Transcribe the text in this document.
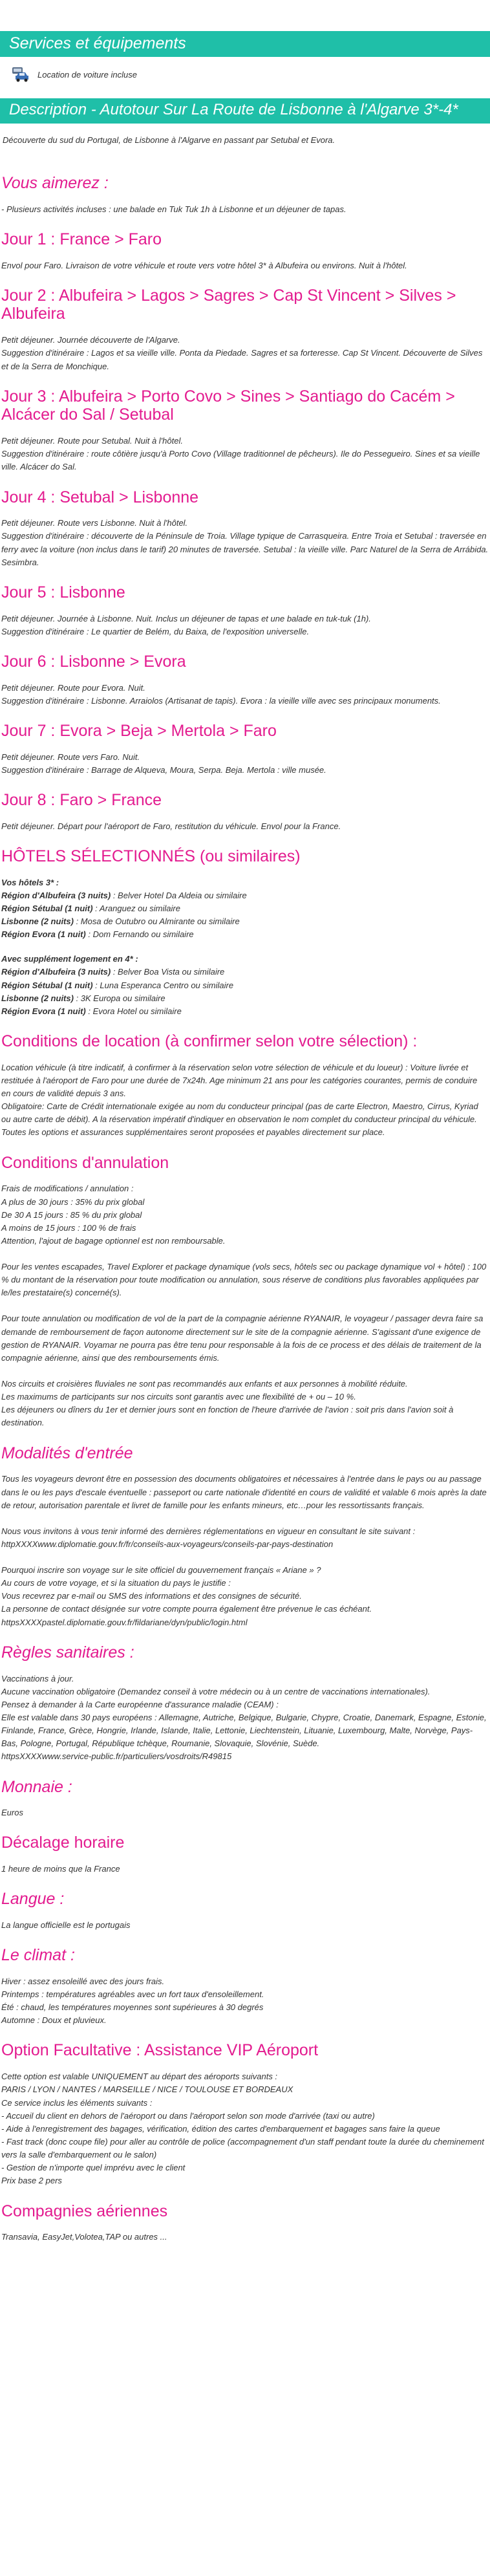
Services et équipements
Location de voiture incluse
Description - Autotour Sur La Route de Lisbonne à l'Algarve 3*-4*
Découverte du sud du Portugal, de Lisbonne à l'Algarve en passant par Setubal et Evora.
Vous aimerez :
- Plusieurs activités incluses : une balade en Tuk Tuk 1h à Lisbonne et un déjeuner de tapas.
Jour 1 : France > Faro
Envol pour Faro. Livraison de votre véhicule et route vers votre hôtel 3* à Albufeira ou environs. Nuit à l'hôtel.
Jour 2 : Albufeira > Lagos > Sagres > Cap St Vincent > Silves > Albufeira
Petit déjeuner. Journée découverte de l'Algarve.
Suggestion d'itinéraire : Lagos et sa vieille ville. Ponta da Piedade. Sagres et sa forteresse. Cap St Vincent. Découverte de Silves et de la Serra de Monchique.
Jour 3 : Albufeira > Porto Covo > Sines > Santiago do Cacém > Alcácer do Sal / Setubal
Petit déjeuner. Route pour Setubal. Nuit à l'hôtel.
Suggestion d'itinéraire : route côtière jusqu'à Porto Covo (Village traditionnel de pêcheurs). Ile do Pessegueiro. Sines et sa vieille ville. Alcácer do Sal.
Jour 4 : Setubal > Lisbonne
Petit déjeuner. Route vers Lisbonne. Nuit à l'hôtel.
Suggestion d'itinéraire : découverte de la Péninsule de Troia. Village typique de Carrasqueira. Entre Troia et Setubal : traversée en ferry avec la voiture (non inclus dans le tarif) 20 minutes de traversée. Setubal : la vieille ville. Parc Naturel de la Serra de Arrábida. Sesimbra.
Jour 5 : Lisbonne
Petit déjeuner. Journée à Lisbonne. Nuit. Inclus un déjeuner de tapas et une balade en tuk-tuk (1h).
Suggestion d'itinéraire : Le quartier de Belém, du Baixa, de l'exposition universelle.
Jour 6 : Lisbonne > Evora
Petit déjeuner. Route pour Evora. Nuit.
Suggestion d'itinéraire : Lisbonne. Arraiolos (Artisanat de tapis). Evora : la vieille ville avec ses principaux monuments.
Jour 7 : Evora > Beja > Mertola > Faro
Petit déjeuner. Route vers Faro. Nuit.
Suggestion d'itinéraire : Barrage de Alqueva, Moura, Serpa. Beja. Mertola : ville musée.
Jour 8 : Faro > France
Petit déjeuner. Départ pour l'aéroport de Faro, restitution du véhicule. Envol pour la France.
HÔTELS SÉLECTIONNÉS (ou similaires)
Vos hôtels 3* :
Région d'Albufeira (3 nuits) : Belver Hotel Da Aldeia ou similaire
Région Sétubal (1 nuit) : Aranguez ou similaire
Lisbonne (2 nuits) : Mosa de Outubro ou Almirante ou similaire
Région Evora (1 nuit) : Dom Fernando ou similaire
Avec supplément logement en 4* :
Région d'Albufeira (3 nuits) : Belver Boa Vista ou similaire
Région Sétubal (1 nuit) : Luna Esperanca Centro ou similaire
Lisbonne (2 nuits) : 3K Europa ou similaire
Région Evora (1 nuit) : Evora Hotel ou similaire
Conditions de location (à confirmer selon votre sélection) :
Location véhicule (à titre indicatif, à confirmer à la réservation selon votre sélection de véhicule et du loueur) : Voiture livrée et restituée à l'aéroport de Faro pour une durée de 7x24h. Age minimum 21 ans pour les catégories courantes, permis de conduire en cours de validité depuis 3 ans.
Obligatoire: Carte de Crédit internationale exigée au nom du conducteur principal (pas de carte Electron, Maestro, Cirrus, Kyriad ou autre carte de débit). A la réservation impératif d'indiquer en observation le nom complet du conducteur principal du véhicule.
Toutes les options et assurances supplémentaires seront proposées et payables directement sur place.
Conditions d'annulation
Frais de modifications / annulation :
A plus de 30 jours : 35% du prix global
De 30 A 15 jours : 85 % du prix global
A moins de 15 jours : 100 % de frais
Attention, l'ajout de bagage optionnel est non remboursable.
Pour les ventes escapades, Travel Explorer et package dynamique (vols secs, hôtels sec ou package dynamique vol + hôtel) : 100 % du montant de la réservation pour toute modification ou annulation, sous réserve de conditions plus favorables appliquées par le/les prestataire(s) concerné(s).
Pour toute annulation ou modification de vol de la part de la compagnie aérienne RYANAIR, le voyageur / passager devra faire sa demande de remboursement de façon autonome directement sur le site de la compagnie aérienne. S'agissant d'une exigence de gestion de RYANAIR. Voyamar ne pourra pas être tenu pour responsable à la fois de ce process et des délais de traitement de la compagnie aérienne, ainsi que des remboursements émis.
Nos circuits et croisières fluviales ne sont pas recommandés aux enfants et aux personnes à mobilité réduite.
Les maximums de participants sur nos circuits sont garantis avec une flexibilité de + ou – 10 %.
Les déjeuners ou dîners du 1er et dernier jours sont en fonction de l'heure d'arrivée de l'avion : soit pris dans l'avion soit à destination.
Modalités d'entrée
Tous les voyageurs devront être en possession des documents obligatoires et nécessaires à l'entrée dans le pays ou au passage dans le ou les pays d'escale éventuelle : passeport ou carte nationale d'identité en cours de validité et valable 6 mois après la date de retour, autorisation parentale et livret de famille pour les enfants mineurs, etc…pour les ressortissants français.
Nous vous invitons à vous tenir informé des dernières réglementations en vigueur en consultant le site suivant : httpXXXXwww.diplomatie.gouv.fr/fr/conseils-aux-voyageurs/conseils-par-pays-destination
Pourquoi inscrire son voyage sur le site officiel du gouvernement français « Ariane » ?
Au cours de votre voyage, et si la situation du pays le justifie :
Vous recevrez par e-mail ou SMS des informations et des consignes de sécurité.
La personne de contact désignée sur votre compte pourra également être prévenue le cas échéant.
httpsXXXXpastel.diplomatie.gouv.fr/fildariane/dyn/public/login.html
Règles sanitaires :
Vaccinations à jour.
Aucune vaccination obligatoire (Demandez conseil à votre médecin ou à un centre de vaccinations internationales).
Pensez à demander à la Carte européenne d'assurance maladie (CEAM) :
Elle est valable dans 30 pays européens : Allemagne, Autriche, Belgique, Bulgarie, Chypre, Croatie, Danemark, Espagne, Estonie, Finlande, France, Grèce, Hongrie, Irlande, Islande, Italie, Lettonie, Liechtenstein, Lituanie, Luxembourg, Malte, Norvège, Pays-Bas, Pologne, Portugal, République tchèque, Roumanie, Slovaquie, Slovénie, Suède.
httpsXXXXwww.service-public.fr/particuliers/vosdroits/R49815
Monnaie :
Euros
Décalage horaire
1 heure de moins que la France
Langue :
La langue officielle est le portugais
Le climat :
Hiver : assez ensoleillé avec des jours frais.
Printemps : températures agréables avec un fort taux d'ensoleillement.
Été : chaud, les températures moyennes sont supérieures à 30 degrés
Automne : Doux et pluvieux.
Option Facultative : Assistance VIP Aéroport
Cette option est valable UNIQUEMENT au départ des aéroports suivants :
PARIS / LYON / NANTES / MARSEILLE / NICE / TOULOUSE ET BORDEAUX
Ce service inclus les éléments suivants :
- Accueil du client en dehors de l'aéroport ou dans l'aéroport selon son mode d'arrivée (taxi ou autre)
- Aide à l'enregistrement des bagages, vérification, édition des cartes d'embarquement et bagages sans faire la queue
- Fast track (donc coupe file) pour aller au contrôle de police (accompagnement d'un staff pendant toute la durée du cheminement vers la salle d'embarquement ou le salon)
- Gestion de n'importe quel imprévu avec le client
Prix base 2 pers
Compagnies aériennes
Transavia, EasyJet,Volotea,TAP ou autres ...
